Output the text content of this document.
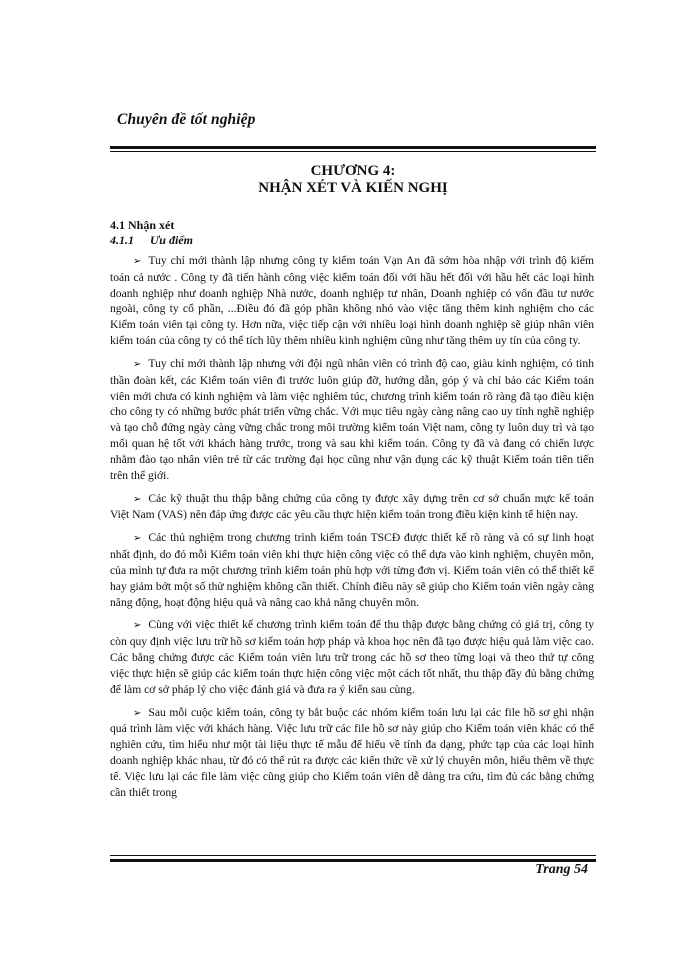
Chuyên đề tốt nghiệp
CHƯƠNG 4:
NHẬN XÉT VÀ KIẾN NGHỊ
4.1 Nhận xét
4.1.1 Ưu điểm

➢ Tuy chỉ mới thành lập nhưng công ty kiểm toán Vạn An đã sớm hòa nhập với trình độ kiểm toán cả nước . Công ty đã tiến hành công việc kiểm toán đối với hầu hết đối với hầu hết các loại hình doanh nghiệp như doanh nghiệp Nhà nước, doanh nghiệp tư nhân, Doanh nghiệp có vốn đầu tư nước ngoài, công ty cổ phần, ...Điều đó đã góp phần không nhỏ vào việc tăng thêm kinh nghiệm cho các Kiểm toán viên tại công ty. Hơn nữa, việc tiếp cận với nhiều loại hình doanh nghiệp sẽ giúp nhân viên kiểm toán của công ty có thể tích lũy thêm nhiều kinh nghiệm cũng như tăng thêm uy tín của công ty.

➢ Tuy chỉ mới thành lập nhưng với đội ngũ nhân viên có trình độ cao, giàu kinh nghiệm, có tinh thần đoàn kết, các Kiểm toán viên đi trước luôn giúp đỡ, hướng dẫn, góp ý và chỉ bảo các Kiểm toán viên mới chưa có kinh nghiệm và làm việc nghiêm túc, chương trình kiểm toán rõ ràng đã tạo điều kiện cho công ty có những bước phát triển vững chắc. Với mục tiêu ngày càng nâng cao uy tính nghề nghiệp và tạo chỗ đứng ngày càng vững chắc trong môi trường kiểm toán Việt nam, công ty luôn duy trì và tạo mối quan hệ tốt với khách hàng trước, trong và sau khi kiểm toán. Công ty đã và đang có chiến lược nhằm đào tạo nhân viên trẻ từ các trường đại học cũng như vận dụng các kỹ thuật Kiểm toán tiên tiến trên thế giới.

➢ Các kỹ thuật thu thập bằng chứng của công ty được xây dựng trên cơ sở chuẩn mực kế toán Việt Nam (VAS) nên đáp ứng được các yêu cầu thực hiện kiểm toán trong điều kiện kinh tế hiện nay.

➢ Các thủ nghiệm trong chương trình kiểm toán TSCĐ được thiết kế rõ ràng và có sự linh hoạt nhất định, do đó mỗi Kiểm toán viên khi thực hiện công việc có thể dựa vào kinh nghiệm, chuyên môn, của mình tự đưa ra một chương trình kiểm toán phù hợp với từng đơn vị. Kiểm toán viên có thể thiết kế hay giảm bớt một số thử nghiệm không cần thiết. Chính điều này sẽ giúp cho Kiểm toán viên ngày càng năng động, hoạt động hiệu quả và nâng cao khả năng chuyên môn.

➢ Cùng với việc thiết kế chương trình kiểm toán để thu thập được bằng chứng có giá trị, công ty còn quy định việc lưu trữ hồ sơ kiểm toán hợp pháp và khoa học nên đã tạo được hiệu quả làm việc cao. Các bằng chứng được các Kiểm toán viên lưu trữ trong các hồ sơ theo từng loại và theo thứ tự công việc thực hiện sẽ giúp các kiểm toán thực hiện công việc một cách tốt nhất, thu thập đầy đủ bằng chứng để làm cơ sở pháp lý cho việc đánh giá và đưa ra ý kiến sau cùng.

➢ Sau mỗi cuộc kiểm toán, công ty bắt buộc các nhóm kiểm toán lưu lại các file hồ sơ ghi nhận quá trình làm việc với khách hàng. Việc lưu trữ các file hồ sơ này giúp cho Kiểm toán viên khác có thể nghiên cứu, tìm hiểu như một tài liệu thực tế mẫu để hiểu về tính đa dạng, phức tạp của các loại hình doanh nghiệp khác nhau, từ đó có thể rút ra được các kiến thức về xử lý chuyên môn, hiểu thêm về thực tế. Việc lưu lại các file làm việc cũng giúp cho Kiểm toán viên dễ dàng tra cứu, tìm đủ các bằng chứng cần thiết trong

Trang 54
